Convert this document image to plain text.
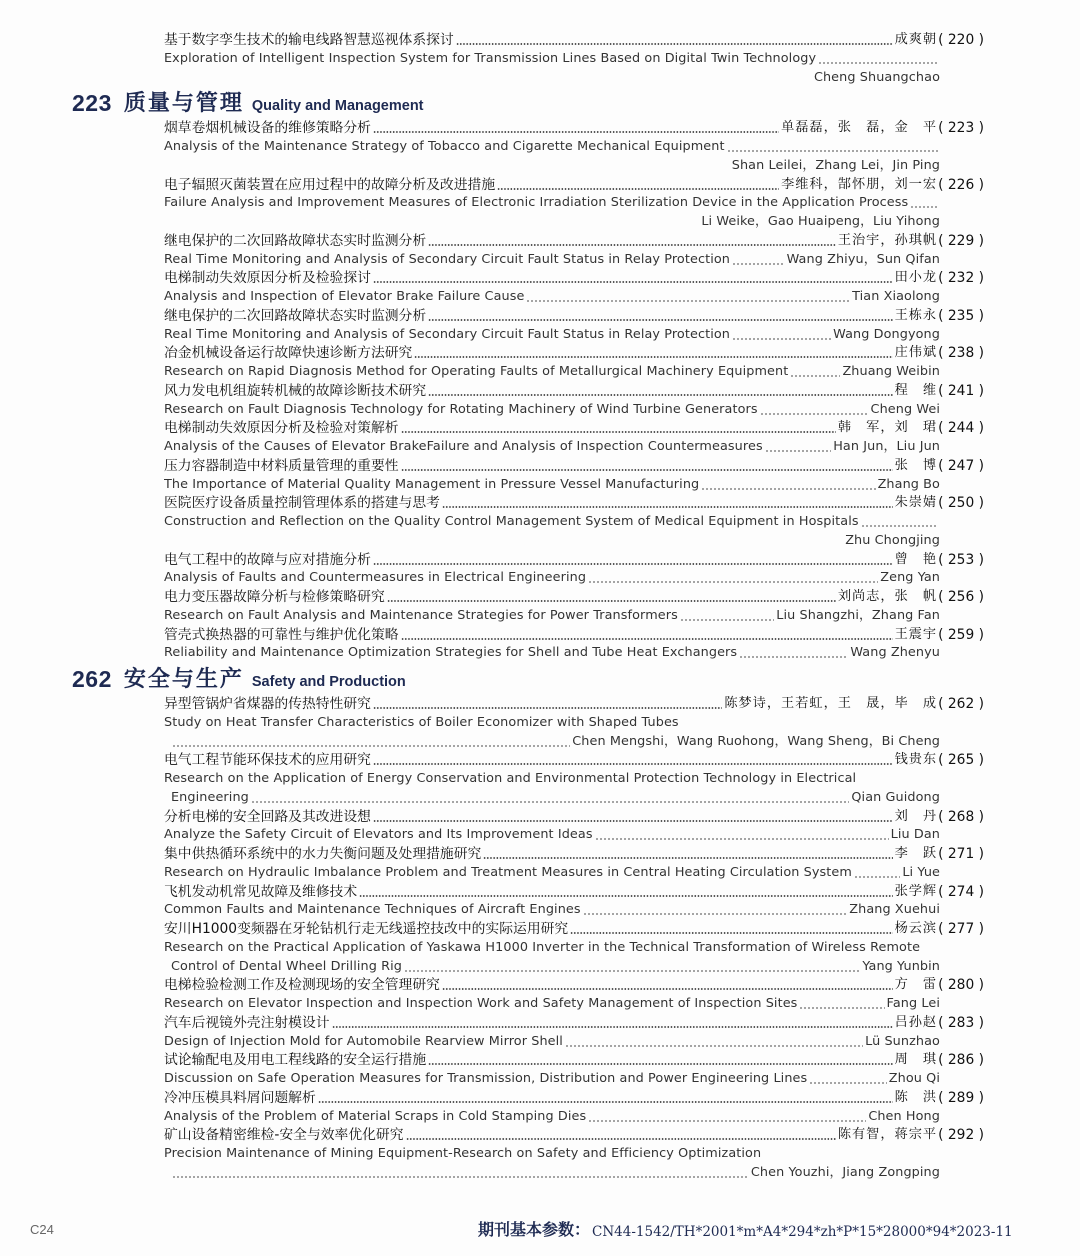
基于数字孪生技术的输电线路智慧巡视体系探讨	成爽朝 ( 220 )
Exploration of Intelligent Inspection System for Transmission Lines Based on Digital Twin Technology
Cheng Shuangchao
223 质量与管理 Quality and Management
烟草卷烟机械设备的维修策略分析	单磊磊，张　磊，金　平 ( 223 )
Analysis of the Maintenance Strategy of Tobacco and Cigarette Mechanical Equipment
Shan Leilei，Zhang Lei，Jin Ping
电子辐照灭菌装置在应用过程中的故障分析及改进措施	李维科，郜怀朋，刘一宏 ( 226 )
Failure Analysis and Improvement Measures of Electronic Irradiation Sterilization Device in the Application Process
Li Weike，Gao Huaipeng，Liu Yihong
继电保护的二次回路故障状态实时监测分析	王治宇，孙琪帆 ( 229 )
Real Time Monitoring and Analysis of Secondary Circuit Fault Status in Relay Protection	Wang Zhiyu，Sun Qifan
电梯制动失效原因分析及检验探讨	田小龙 ( 232 )
Analysis and Inspection of Elevator Brake Failure Cause	Tian Xiaolong
继电保护的二次回路故障状态实时监测分析	王栋永 ( 235 )
Real Time Monitoring and Analysis of Secondary Circuit Fault Status in Relay Protection	Wang Dongyong
冶金机械设备运行故障快速诊断方法研究	庄伟斌 ( 238 )
Research on Rapid Diagnosis Method for Operating Faults of Metallurgical Machinery Equipment	Zhuang Weibin
风力发电机组旋转机械的故障诊断技术研究	程　维 ( 241 )
Research on Fault Diagnosis Technology for Rotating Machinery of Wind Turbine Generators	Cheng Wei
电梯制动失效原因分析及检验对策解析	韩　军，刘　珺 ( 244 )
Analysis of the Causes of Elevator BrakeFailure and Analysis of Inspection Countermeasures	Han Jun，Liu Jun
压力容器制造中材料质量管理的重要性	张　博 ( 247 )
The Importance of Material Quality Management in Pressure Vessel Manufacturing	Zhang Bo
医院医疗设备质量控制管理体系的搭建与思考	朱崇婧 ( 250 )
Construction and Reflection on the Quality Control Management System of Medical Equipment in Hospitals
Zhu Chongjing
电气工程中的故障与应对措施分析	曾　艳 ( 253 )
Analysis of Faults and Countermeasures in Electrical Engineering	Zeng Yan
电力变压器故障分析与检修策略研究	刘尚志，张　帆 ( 256 )
Research on Fault Analysis and Maintenance Strategies for Power Transformers	Liu Shangzhi，Zhang Fan
管壳式换热器的可靠性与维护优化策略	王震宇 ( 259 )
Reliability and Maintenance Optimization Strategies for Shell and Tube Heat Exchangers	Wang Zhenyu
262 安全与生产 Safety and Production
异型管锅炉省煤器的传热特性研究	陈梦诗，王若虹，王　晟，毕　成 ( 262 )
Study on Heat Transfer Characteristics of Boiler Economizer with Shaped Tubes
Chen Mengshi，Wang Ruohong，Wang Sheng，Bi Cheng
电气工程节能环保技术的应用研究	钱贵东 ( 265 )
Research on the Application of Energy Conservation and Environmental Protection Technology in Electrical
Engineering	Qian Guidong
分析电梯的安全回路及其改进设想	刘　丹 ( 268 )
Analyze the Safety Circuit of Elevators and Its Improvement Ideas	Liu Dan
集中供热循环系统中的水力失衡问题及处理措施研究	李　跃 ( 271 )
Research on Hydraulic Imbalance Problem and Treatment Measures in Central Heating Circulation System	Li Yue
飞机发动机常见故障及维修技术	张学辉 ( 274 )
Common Faults and Maintenance Techniques of Aircraft Engines	Zhang Xuehui
安川H1000变频器在牙轮钻机行走无线遥控技改中的实际运用研究	杨云滨 ( 277 )
Research on the Practical Application of Yaskawa H1000 Inverter in the Technical Transformation of Wireless Remote
Control of Dental Wheel Drilling Rig	Yang Yunbin
电梯检验检测工作及检测现场的安全管理研究	方　雷 ( 280 )
Research on Elevator Inspection and Inspection Work and Safety Management of Inspection Sites	Fang Lei
汽车后视镜外壳注射模设计	吕孙赵 ( 283 )
Design of Injection Mold for Automobile Rearview Mirror Shell	Lü Sunzhao
试论输配电及用电工程线路的安全运行措施	周　琪 ( 286 )
Discussion on Safe Operation Measures for Transmission, Distribution and Power Engineering Lines	Zhou Qi
冷冲压模具料屑问题解析	陈　洪 ( 289 )
Analysis of the Problem of Material Scraps in Cold Stamping Dies	Chen Hong
矿山设备精密维检-安全与效率优化研究	陈有智，蒋宗平 ( 292 )
Precision Maintenance of Mining Equipment-Research on Safety and Efficiency Optimization
Chen Youzhi，Jiang Zongping
C24	期刊基本参数： CN44-1542/TH*2001*m*A4*294*zh*P*15*28000*94*2023-11
